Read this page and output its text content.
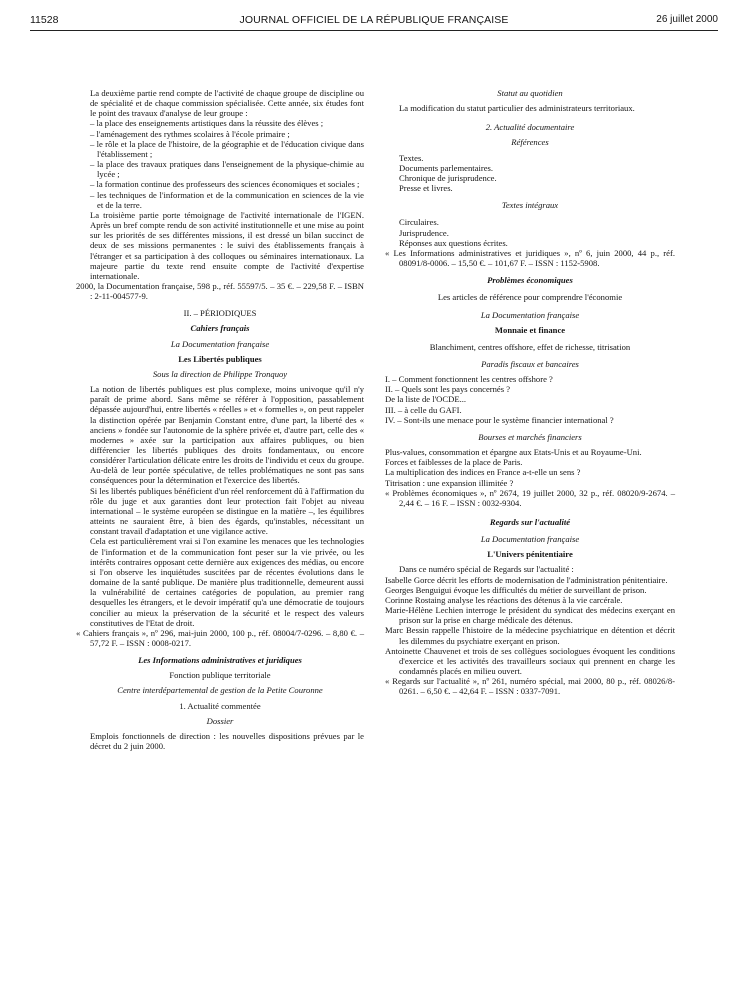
11528	JOURNAL OFFICIEL DE LA RÉPUBLIQUE FRANÇAISE	26 juillet 2000
La deuxième partie rend compte de l'activité de chaque groupe de discipline ou de spécialité et de chaque commission spécialisée. Cette année, six études font le point des travaux d'analyse de leur groupe :
– la place des enseignements artistiques dans la réussite des élèves ;
– l'aménagement des rythmes scolaires à l'école primaire ;
– le rôle et la place de l'histoire, de la géographie et de l'éducation civique dans l'établissement ;
– la place des travaux pratiques dans l'enseignement de la physique-chimie au lycée ;
– la formation continue des professeurs des sciences économiques et sociales ;
– les techniques de l'information et de la communication en sciences de la vie et de la terre.
La troisième partie porte témoignage de l'activité internationale de l'IGEN. Après un bref compte rendu de son activité institutionnelle et une mise au point sur les priorités de ses différentes missions, il est dressé un bilan succinct de deux de ses missions permanentes : le suivi des établissements français à l'étranger et sa participation à des colloques ou séminaires internationaux. La majeure partie du texte rend ensuite compte de l'activité d'expertise internationale.
2000, la Documentation française, 598 p., réf. 55597/5. – 35 €. – 229,58 F. – ISBN : 2-11-004577-9.
II. – PÉRIODIQUES
Cahiers français
La Documentation française
Les Libertés publiques
Sous la direction de Philippe Tronquoy
La notion de libertés publiques est plus complexe, moins univoque qu'il n'y paraît de prime abord. Sans même se référer à l'opposition, passablement dépassée aujourd'hui, entre libertés « réelles » et « formelles », on peut rappeler la distinction opérée par Benjamin Constant entre, d'une part, la liberté des « anciens » fondée sur l'autonomie de la sphère privée et, d'autre part, celle des « modernes » axée sur la participation aux affaires publiques, ou bien différencier les libertés publiques des droits fondamentaux, ou encore considérer l'articulation délicate entre les droits de l'individu et ceux du groupe. Au-delà de leur portée spéculative, de telles problématiques ne sont pas sans conséquences pour la détermination et l'exercice des libertés.
Si les libertés publiques bénéficient d'un réel renforcement dû à l'affirmation du rôle du juge et aux garanties dont leur protection fait l'objet au niveau international – le système européen se distingue en la matière –, les équilibres atteints ne sauraient être, à bien des égards, qu'instables, nécessitant un constant travail d'adaptation et une vigilance active.
Cela est particulièrement vrai si l'on examine les menaces que les technologies de l'information et de la communication font peser sur la vie privée, ou les intérêts contraires opposant cette dernière aux exigences des médias, ou encore si l'on observe les inquiétudes suscitées par de récentes évolutions dans le domaine de la santé publique. De manière plus traditionnelle, demeurent aussi la vulnérabilité de certaines catégories de population, au premier rang desquelles les étrangers, et le devoir impératif qu'a une démocratie de toujours concilier au mieux la préservation de la sécurité et le respect des valeurs constitutives de l'Etat de droit.
« Cahiers français », nº 296, mai-juin 2000, 100 p., réf. 08004/7-0296. – 8,80 €. – 57,72 F. – ISSN : 0008-0217.
Les Informations administratives et juridiques
Fonction publique territoriale
Centre interdépartemental de gestion de la Petite Couronne
1. Actualité commentée
Dossier
Emplois fonctionnels de direction : les nouvelles dispositions prévues par le décret du 2 juin 2000.
Statut au quotidien
La modification du statut particulier des administrateurs territoriaux.
2. Actualité documentaire
Références
Textes.
Documents parlementaires.
Chronique de jurisprudence.
Presse et livres.
Textes intégraux
Circulaires.
Jurisprudence.
Réponses aux questions écrites.
« Les Informations administratives et juridiques », nº 6, juin 2000, 44 p., réf. 08091/8-0006. – 15,50 €. – 101,67 F. – ISSN : 1152-5908.
Problèmes économiques
Les articles de référence pour comprendre l'économie
La Documentation française
Monnaie et finance
Blanchiment, centres offshore, effet de richesse, titrisation
Paradis fiscaux et bancaires
I. – Comment fonctionnent les centres offshore ?
II. – Quels sont les pays concernés ?
De la liste de l'OCDE...
III. – à celle du GAFI.
IV. – Sont-ils une menace pour le système financier international ?
Bourses et marchés financiers
Plus-values, consommation et épargne aux Etats-Unis et au Royaume-Uni.
Forces et faiblesses de la place de Paris.
La multiplication des indices en France a-t-elle un sens ?
Titrisation : une expansion illimitée ?
« Problèmes économiques », nº 2674, 19 juillet 2000, 32 p., réf. 08020/9-2674. – 2,44 €. – 16 F. – ISSN : 0032-9304.
Regards sur l'actualité
La Documentation française
L'Univers pénitentiaire
Dans ce numéro spécial de Regards sur l'actualité :
Isabelle Gorce décrit les efforts de modernisation de l'administration pénitentiaire.
Georges Benguigui évoque les difficultés du métier de surveillant de prison.
Corinne Rostaing analyse les réactions des détenus à la vie carcérale.
Marie-Hélène Lechien interroge le président du syndicat des médecins exerçant en prison sur la prise en charge médicale des détenus.
Marc Bessin rappelle l'histoire de la médecine psychiatrique en détention et décrit les dilemmes du psychiatre exerçant en prison.
Antoinette Chauvenet et trois de ses collègues sociologues évoquent les conditions d'exercice et les activités des travailleurs sociaux qui prennent en charge les condamnés placés en milieu ouvert.
« Regards sur l'actualité », nº 261, numéro spécial, mai 2000, 80 p., réf. 08026/8-0261. – 6,50 €. – 42,64 F. – ISSN : 0337-7091.
